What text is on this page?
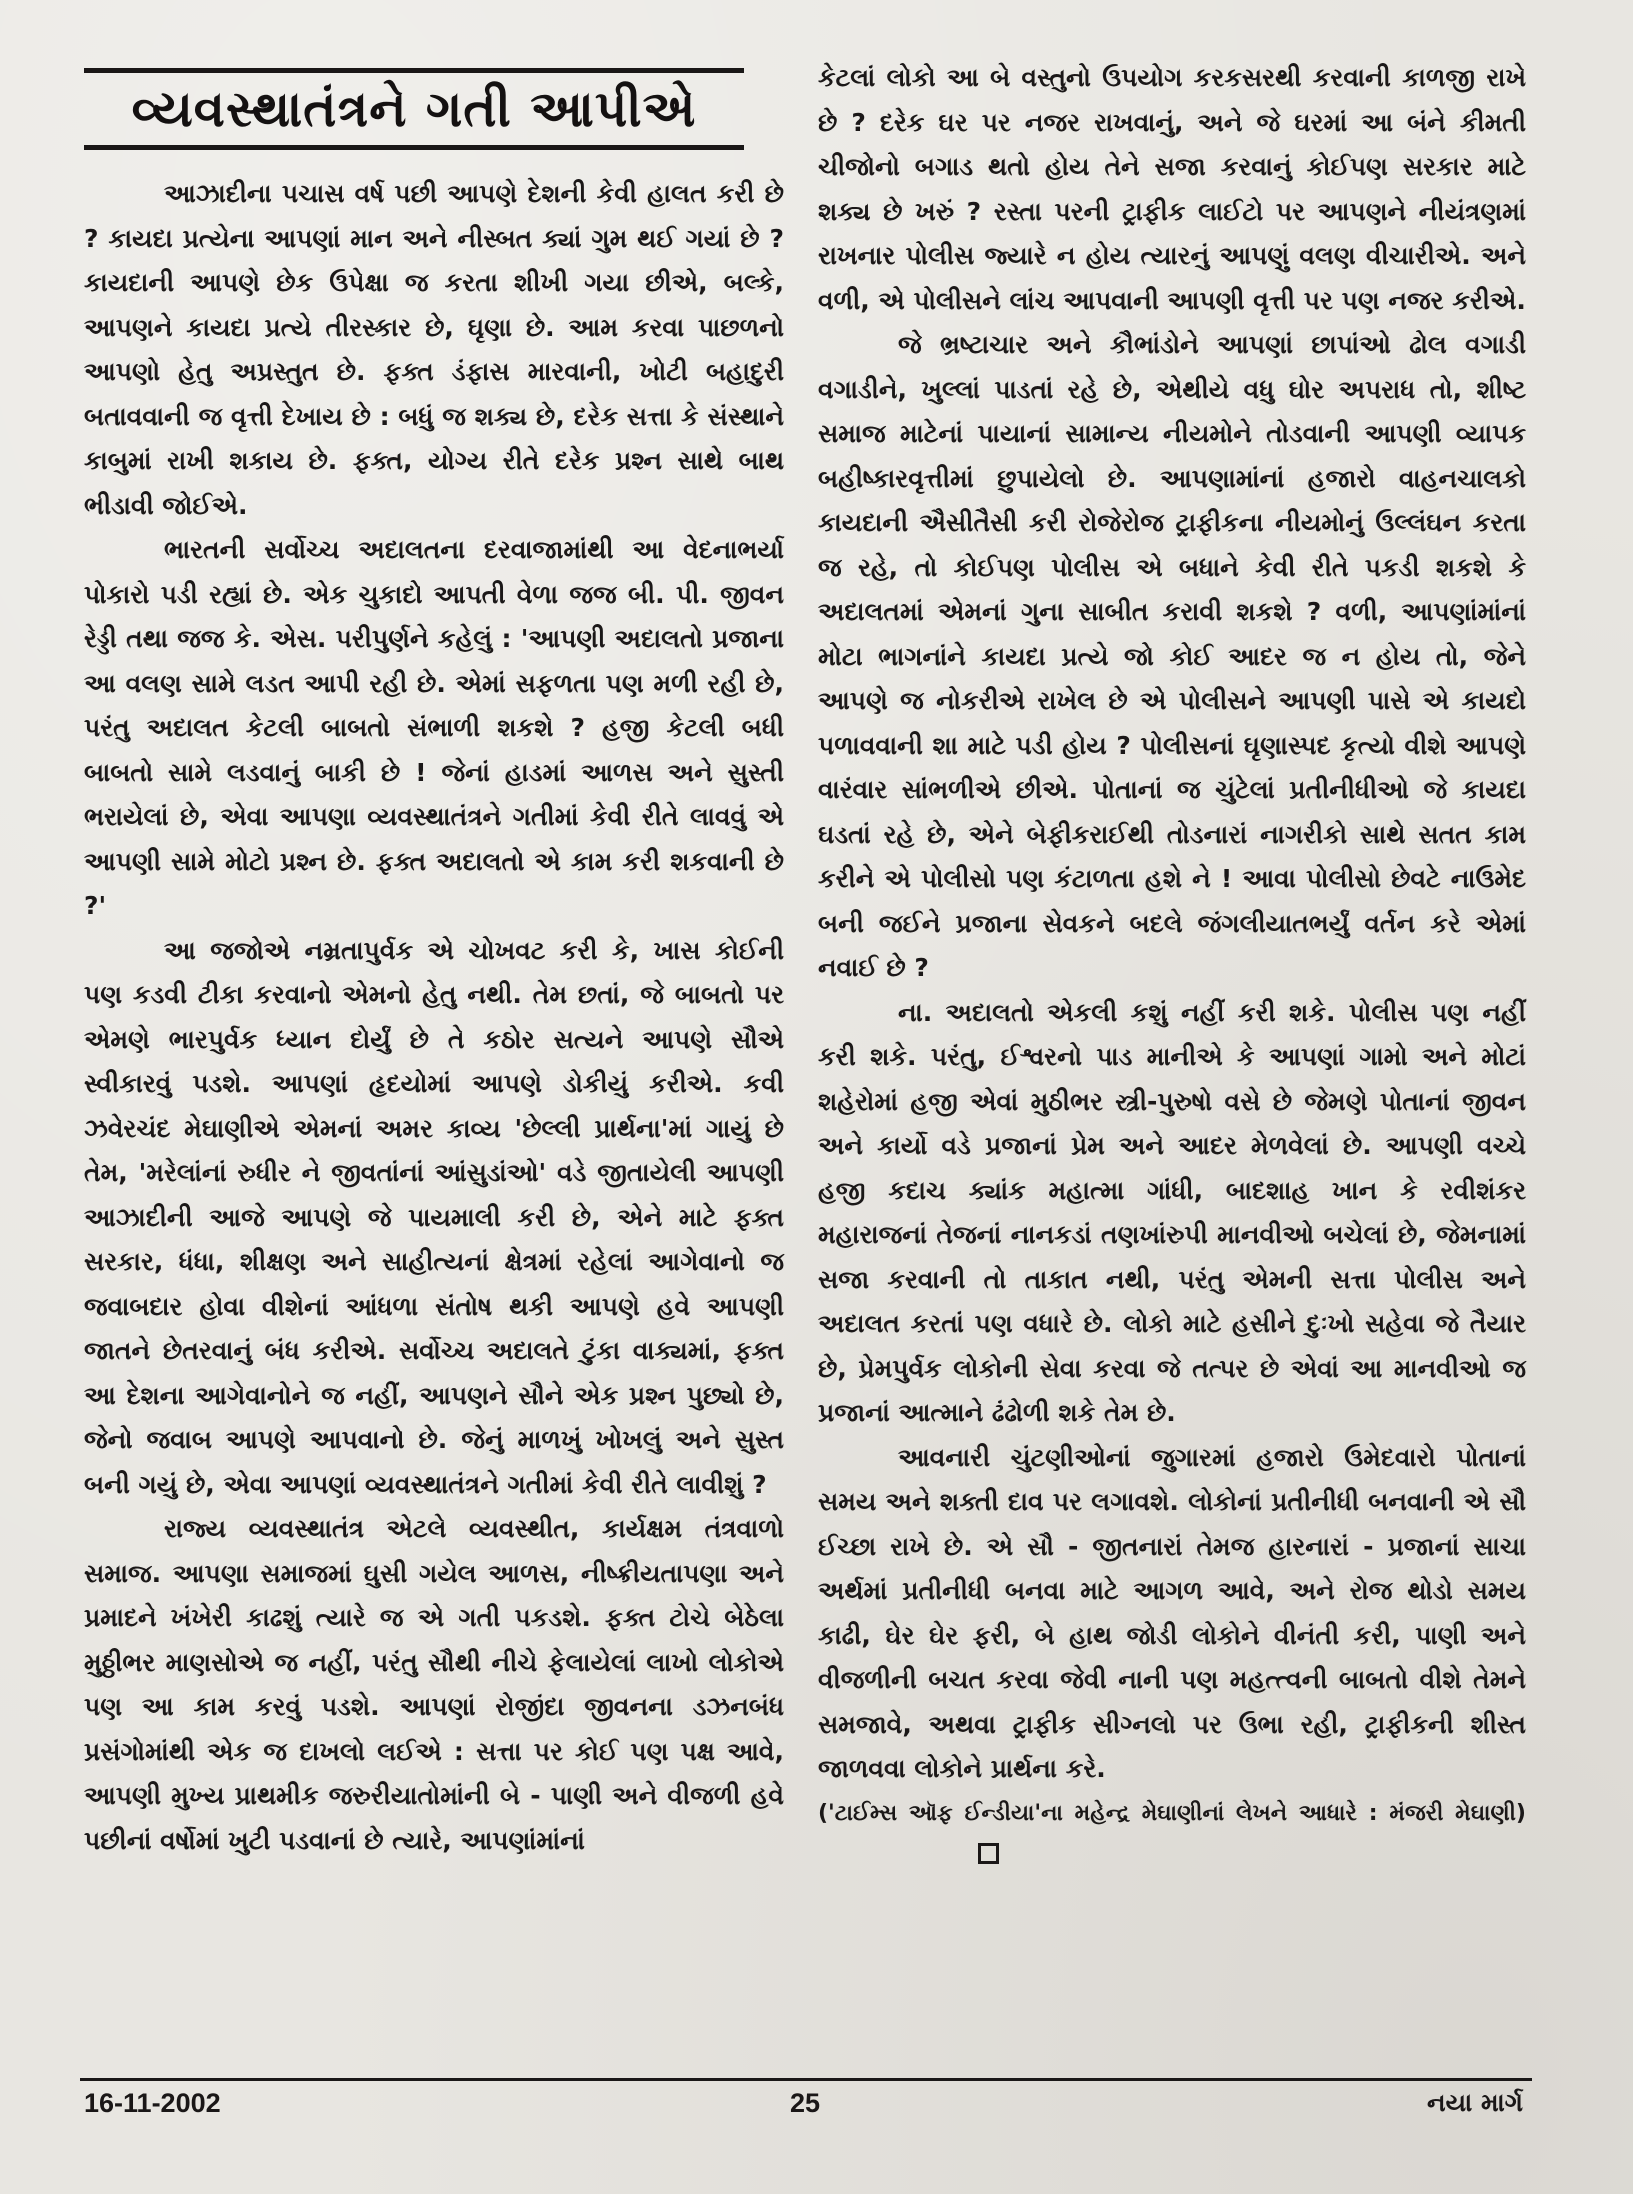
વ્યવસ્થાતંત્રને ગતી આપીએ

આઝાદીના પચાસ વર્ષ પછી આપણે દેશની કેવી હાલત કરી છે ? કાયદા પ્રત્યેના આપણાં માન અને નીસ્બત ક્યાં ગુમ થઈ ગયાં છે ? કાયદાની આપણે છેક ઉપેક્ષા જ કરતા શીખી ગયા છીએ, બલ્કે, આપણને કાયદા પ્રત્યે તીરસ્કાર છે, ઘૃણા છે. આમ કરવા પાછળનો આપણો હેતુ અપ્રસ્તુત છે. ફક્ત ડંફાસ મારવાની, ખોટી બહાદુરી બતાવવાની જ વૃત્તી દેખાય છે : બધું જ શક્ય છે, દરેક સત્તા કે સંસ્થાને કાબુમાં રાખી શકાય છે. ફક્ત, યોગ્ય રીતે દરેક પ્રશ્ન સાથે બાથ ભીડાવી જોઈએ.

ભારતની સર્વોચ્ચ અદાલતના દરવાજામાંથી આ વેદનાભર્યા પોકારો પડી રહ્યાં છે. એક ચુકાદો આપતી વેળા જજ બી. પી. જીવન રેડ્ડી તથા જજ કે. એસ. પરીપુર્ણને કહેલું : 'આપણી અદાલતો પ્રજાના આ વલણ સામે લડત આપી રહી છે. એમાં સફળતા પણ મળી રહી છે, પરંતુ અદાલત કેટલી બાબતો સંભાળી શકશે ? હજી કેટલી બધી બાબતો સામે લડવાનું બાકી છે ! જેનાં હાડમાં આળસ અને સુસ્તી ભરાયેલાં છે, એવા આપણા વ્યવસ્થાતંત્રને ગતીમાં કેવી રીતે લાવવું એ આપણી સામે મોટો પ્રશ્ન છે. ફક્ત અદાલતો એ કામ કરી શકવાની છે ?'

આ જજોએ નમ્રતાપુર્વક એ ચોખવટ કરી કે, ખાસ કોઈની પણ કડવી ટીકા કરવાનો એમનો હેતુ નથી. તેમ છતાં, જે બાબતો પર એમણે ભારપુર્વક ધ્યાન દોર્યું છે તે કઠોર સત્યને આપણે સૌએ સ્વીકારવું પડશે. આપણાં હૃદયોમાં આપણે ડોકીયું કરીએ. કવી ઝવેરચંદ મેઘાણીએ એમનાં અમર કાવ્ય 'છેલ્લી પ્રાર્થના'માં ગાયું છે તેમ, 'મરેલાંનાં રુધીર ને જીવતાંનાં આંસુડાંઓ' વડે જીતાયેલી આપણી આઝાદીની આજે આપણે જે પાયમાલી કરી છે, એને માટે ફક્ત સરકાર, ધંધા, શીક્ષણ અને સાહીત્યનાં ક્ષેત્રમાં રહેલાં આગેવાનો જ જવાબદાર હોવા વીશેનાં આંધળા સંતોષ થકી આપણે હવે આપણી જાતને છેતરવાનું બંધ કરીએ. સર્વોચ્ચ અદાલતે ટુંકા વાક્યમાં, ફક્ત આ દેશના આગેવાનોને જ નહીં, આપણને સૌને એક પ્રશ્ન પુછ્યો છે, જેનો જવાબ આપણે આપવાનો છે. જેનું માળખું ખોખલું અને સુસ્ત બની ગયું છે, એવા આપણાં વ્યવસ્થાતંત્રને ગતીમાં કેવી રીતે લાવીશું ?

રાજ્ય વ્યવસ્થાતંત્ર એટલે વ્યવસ્થીત, કાર્યક્ષમ તંત્રવાળો સમાજ. આપણા સમાજમાં ઘુસી ગયેલ આળસ, નીષ્ક્રીયતાપણા અને પ્રમાદને ખંખેરી કાઢશું ત્યારે જ એ ગતી પકડશે. ફક્ત ટોચે બેઠેલા મુઠ્ઠીભર માણસોએ જ નહીં, પરંતુ સૌથી નીચે ફેલાયેલાં લાખો લોકોએ પણ આ કામ કરવું પડશે. આપણાં રોજીંદા જીવનના ડઝનબંધ પ્રસંગોમાંથી એક જ દાખલો લઈએ : સત્તા પર કોઈ પણ પક્ષ આવે, આપણી મુખ્ય પ્રાથમીક જરુરીયાતોમાંની બે - પાણી અને વીજળી હવે પછીનાં વર્ષોમાં ખુટી પડવાનાં છે ત્યારે, આપણાંમાંનાં

કેટલાં લોકો આ બે વસ્તુનો ઉપયોગ કરકસરથી કરવાની કાળજી રાખે છે ? દરેક ઘર પર નજર રાખવાનું, અને જે ઘરમાં આ બંને કીમતી ચીજોનો બગાડ થતો હોય તેને સજા કરવાનું કોઈપણ સરકાર માટે શક્ય છે ખરું ? રસ્તા પરની ટ્રાફીક લાઈટો પર આપણને નીયંત્રણમાં રાખનાર પોલીસ જ્યારે ન હોય ત્યારનું આપણું વલણ વીચારીએ. અને વળી, એ પોલીસને લાંચ આપવાની આપણી વૃત્તી પર પણ નજર કરીએ.

જે ભ્રષ્ટાચાર અને કૌભાંડોને આપણાં છાપાંઓ ઢોલ વગાડી વગાડીને, ખુલ્લાં પાડતાં રહે છે, એથીયે વધુ ઘોર અપરાધ તો, શીષ્ટ સમાજ માટેનાં પાયાનાં સામાન્ય નીયમોને તોડવાની આપણી વ્યાપક બહીષ્કારવૃત્તીમાં છુપાયેલો છે. આપણામાંનાં હજારો વાહનચાલકો કાયદાની ઐસીતૈસી કરી રોજેરોજ ટ્રાફીકના નીયમોનું ઉલ્લંઘન કરતા જ રહે, તો કોઈપણ પોલીસ એ બધાને કેવી રીતે પકડી શકશે કે અદાલતમાં એમનાં ગુના સાબીત કરાવી શકશે ? વળી, આપણાંમાંનાં મોટા ભાગનાંને કાયદા પ્રત્યે જો કોઈ આદર જ ન હોય તો, જેને આપણે જ નોકરીએ રાખેલ છે એ પોલીસને આપણી પાસે એ કાયદો પળાવવાની શા માટે પડી હોય ? પોલીસનાં ઘૃણાસ્પદ કૃત્યો વીશે આપણે વારંવાર સાંભળીએ છીએ. પોતાનાં જ ચુંટેલાં પ્રતીનીધીઓ જે કાયદા ઘડતાં રહે છે, એને બેફીકરાઈથી તોડનારાં નાગરીકો સાથે સતત કામ કરીને એ પોલીસો પણ કંટાળતા હશે ને ! આવા પોલીસો છેવટે નાઉમેદ બની જઈને પ્રજાના સેવકને બદલે જંગલીયાતભર્યું વર્તન કરે એમાં નવાઈ છે ?

ના. અદાલતો એકલી કશું નહીં કરી શકે. પોલીસ પણ નહીં કરી શકે. પરંતુ, ઈશ્વરનો પાડ માનીએ કે આપણાં ગામો અને મોટાં શહેરોમાં હજી એવાં મુઠીભર સ્ત્રી-પુરુષો વસે છે જેમણે પોતાનાં જીવન અને કાર્યો વડે પ્રજાનાં પ્રેમ અને આદર મેળવેલાં છે. આપણી વચ્ચે હજી કદાચ ક્યાંક મહાત્મા ગાંધી, બાદશાહ ખાન કે રવીશંકર મહારાજનાં તેજનાં નાનકડાં તણખાંરુપી માનવીઓ બચેલાં છે, જેમનામાં સજા કરવાની તો તાકાત નથી, પરંતુ એમની સત્તા પોલીસ અને અદાલત કરતાં પણ વધારે છે. લોકો માટે હસીને દુઃખો સહેવા જે તૈયાર છે, પ્રેમપુર્વક લોકોની સેવા કરવા જે તત્પર છે એવાં આ માનવીઓ જ પ્રજાનાં આત્માને ઢંઢોળી શકે તેમ છે.

આવનારી ચુંટણીઓનાં જુગારમાં હજારો ઉમેદવારો પોતાનાં સમય અને શક્તી દાવ પર લગાવશે. લોકોનાં પ્રતીનીધી બનવાની એ સૌ ઈચ્છા રાખે છે. એ સૌ - જીતનારાં તેમજ હારનારાં - પ્રજાનાં સાચા અર્થમાં પ્રતીનીધી બનવા માટે આગળ આવે, અને રોજ થોડો સમય કાઢી, ઘેર ઘેર ફરી, બે હાથ જોડી લોકોને વીનંતી કરી, પાણી અને વીજળીની બચત કરવા જેવી નાની પણ મહત્ત્વની બાબતો વીશે તેમને સમજાવે, અથવા ટ્રાફીક સીગ્નલો પર ઉભા રહી, ટ્રાફીકની શીસ્ત જાળવવા લોકોને પ્રાર્થના કરે.

('ટાઈમ્સ ઑફ ઈન્ડીયા'ના મહેન્દ્ર મેઘાણીનાં લેખને આધારે : મંજરી મેઘાણી)

16-11-2002	25	નયા માર્ગ
